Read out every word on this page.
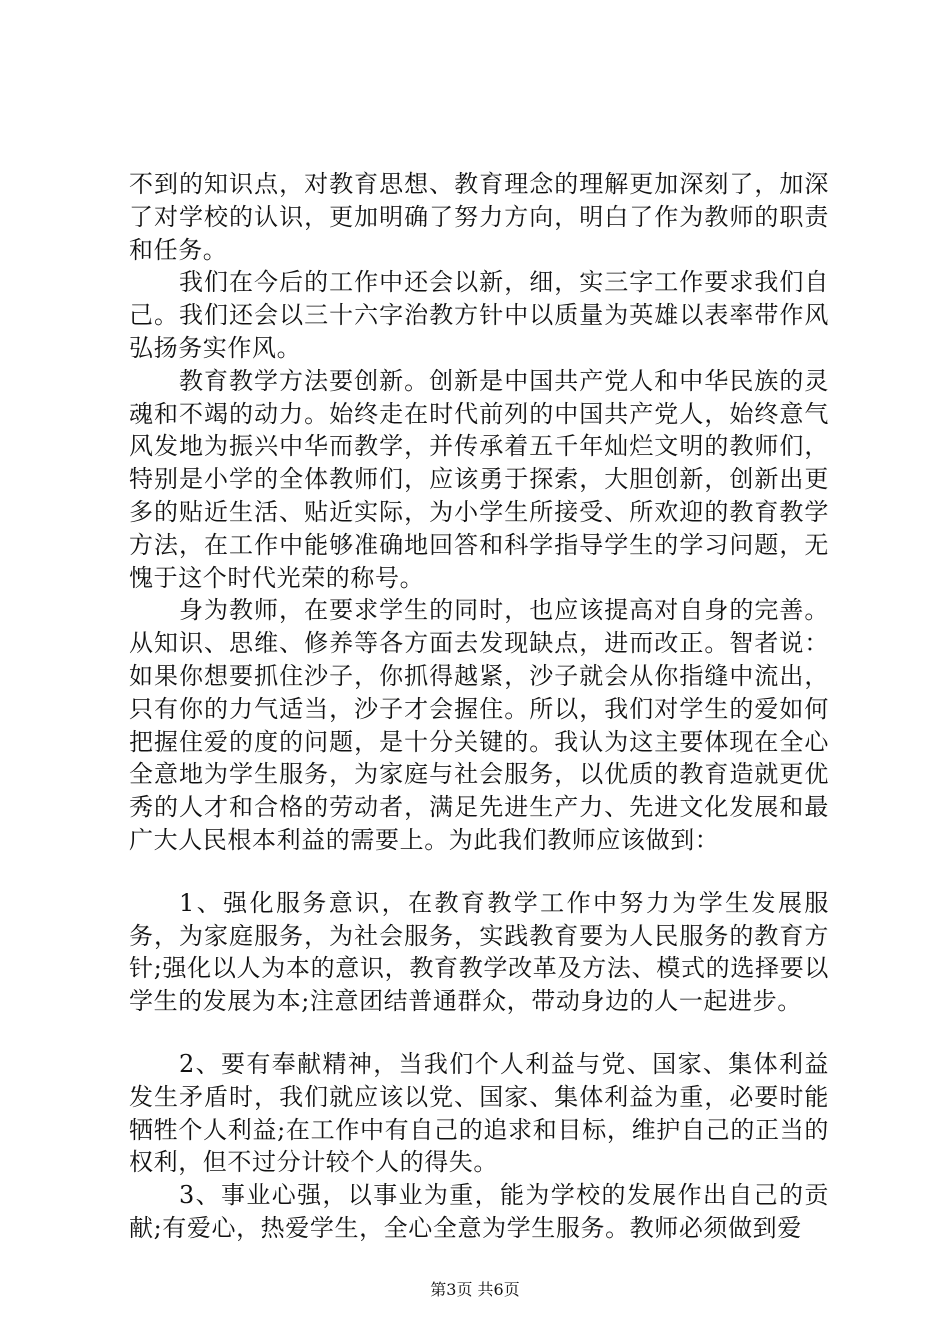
不到的知识点，对教育思想、教育理念的理解更加深刻了，加深了对学校的认识，更加明确了努力方向，明白了作为教师的职责和任务。

我们在今后的工作中还会以新，细，实三字工作要求我们自己。我们还会以三十六字治教方针中以质量为英雄以表率带作风弘扬务实作风。

教育教学方法要创新。创新是中国共产党人和中华民族的灵魂和不竭的动力。始终走在时代前列的中国共产党人，始终意气风发地为振兴中华而教学，并传承着五千年灿烂文明的教师们，特别是小学的全体教师们，应该勇于探索，大胆创新，创新出更多的贴近生活、贴近实际，为小学生所接受、所欢迎的教育教学方法，在工作中能够准确地回答和科学指导学生的学习问题，无愧于这个时代光荣的称号。

身为教师，在要求学生的同时，也应该提高对自身的完善。从知识、思维、修养等各方面去发现缺点，进而改正。智者说：如果你想要抓住沙子，你抓得越紧，沙子就会从你指缝中流出，只有你的力气适当，沙子才会握住。所以，我们对学生的爱如何把握住爱的度的问题，是十分关键的。我认为这主要体现在全心全意地为学生服务，为家庭与社会服务，以优质的教育造就更优秀的人才和合格的劳动者，满足先进生产力、先进文化发展和最广大人民根本利益的需要上。为此我们教师应该做到：

1、强化服务意识，在教育教学工作中努力为学生发展服务，为家庭服务，为社会服务，实践教育要为人民服务的教育方针;强化以人为本的意识，教育教学改革及方法、模式的选择要以学生的发展为本;注意团结普通群众，带动身边的人一起进步。

2、要有奉献精神，当我们个人利益与党、国家、集体利益发生矛盾时，我们就应该以党、国家、集体利益为重，必要时能牺牲个人利益;在工作中有自己的追求和目标，维护自己的正当的权利，但不过分计较个人的得失。

3、事业心强，以事业为重，能为学校的发展作出自己的贡献;有爱心，热爱学生，全心全意为学生服务。教师必须做到爱

第3页 共6页
